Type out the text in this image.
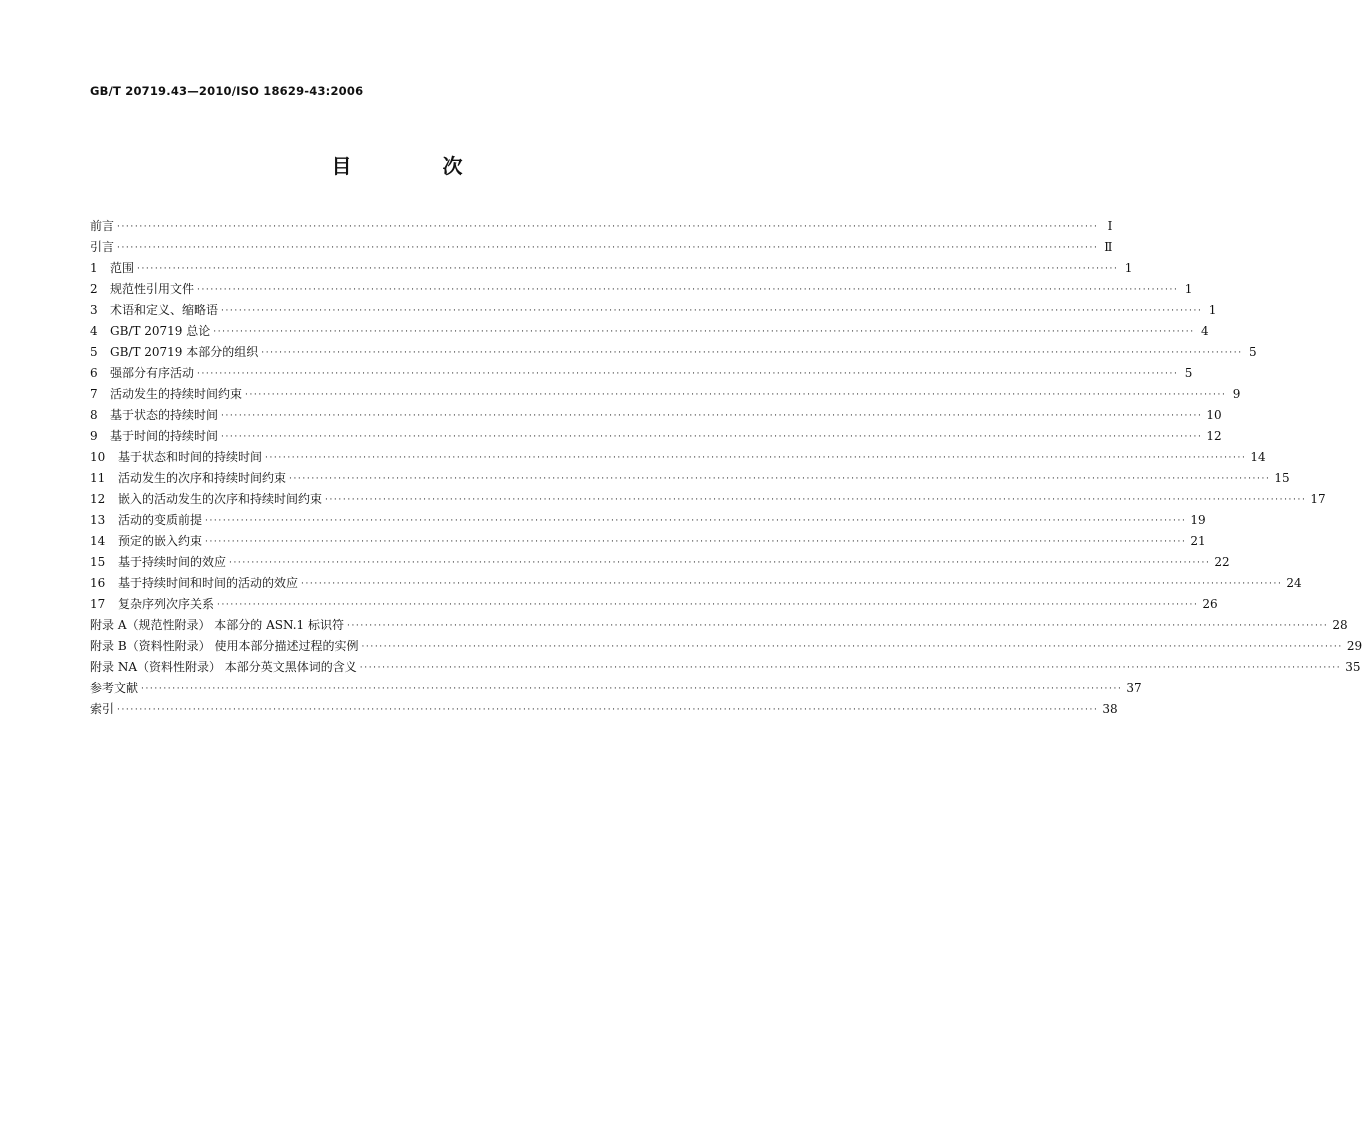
GB/T 20719.43—2010/ISO 18629-43:2006
目 次
前言 ···························································································································································································································· Ⅰ
引言 ···························································································································································································································· Ⅱ
1 范围 ···························································································································································································································· 1
2 规范性引用文件 ···························································································································································································································· 1
3 术语和定义、缩略语 ···························································································································································································································· 1
4 GB/T 20719 总论 ···························································································································································································································· 4
5 GB/T 20719 本部分的组织 ···························································································································································································································· 5
6 强部分有序活动 ···························································································································································································································· 5
7 活动发生的持续时间约束 ···························································································································································································································· 9
8 基于状态的持续时间 ···························································································································································································································· 10
9 基于时间的持续时间 ···························································································································································································································· 12
10 基于状态和时间的持续时间 ···························································································································································································································· 14
11 活动发生的次序和持续时间约束 ···························································································································································································································· 15
12 嵌入的活动发生的次序和持续时间约束 ···························································································································································································································· 17
13 活动的变质前提 ···························································································································································································································· 19
14 预定的嵌入约束 ···························································································································································································································· 21
15 基于持续时间的效应 ···························································································································································································································· 22
16 基于持续时间和时间的活动的效应 ···························································································································································································································· 24
17 复杂序列次序关系 ···························································································································································································································· 26
附录 A（规范性附录） 本部分的 ASN.1 标识符 ···························································································································································································································· 28
附录 B（资料性附录） 使用本部分描述过程的实例 ···························································································································································································································· 29
附录 NA（资料性附录） 本部分英文黑体词的含义 ···························································································································································································································· 35
参考文献 ···························································································································································································································· 37
索引 ···························································································································································································································· 38
